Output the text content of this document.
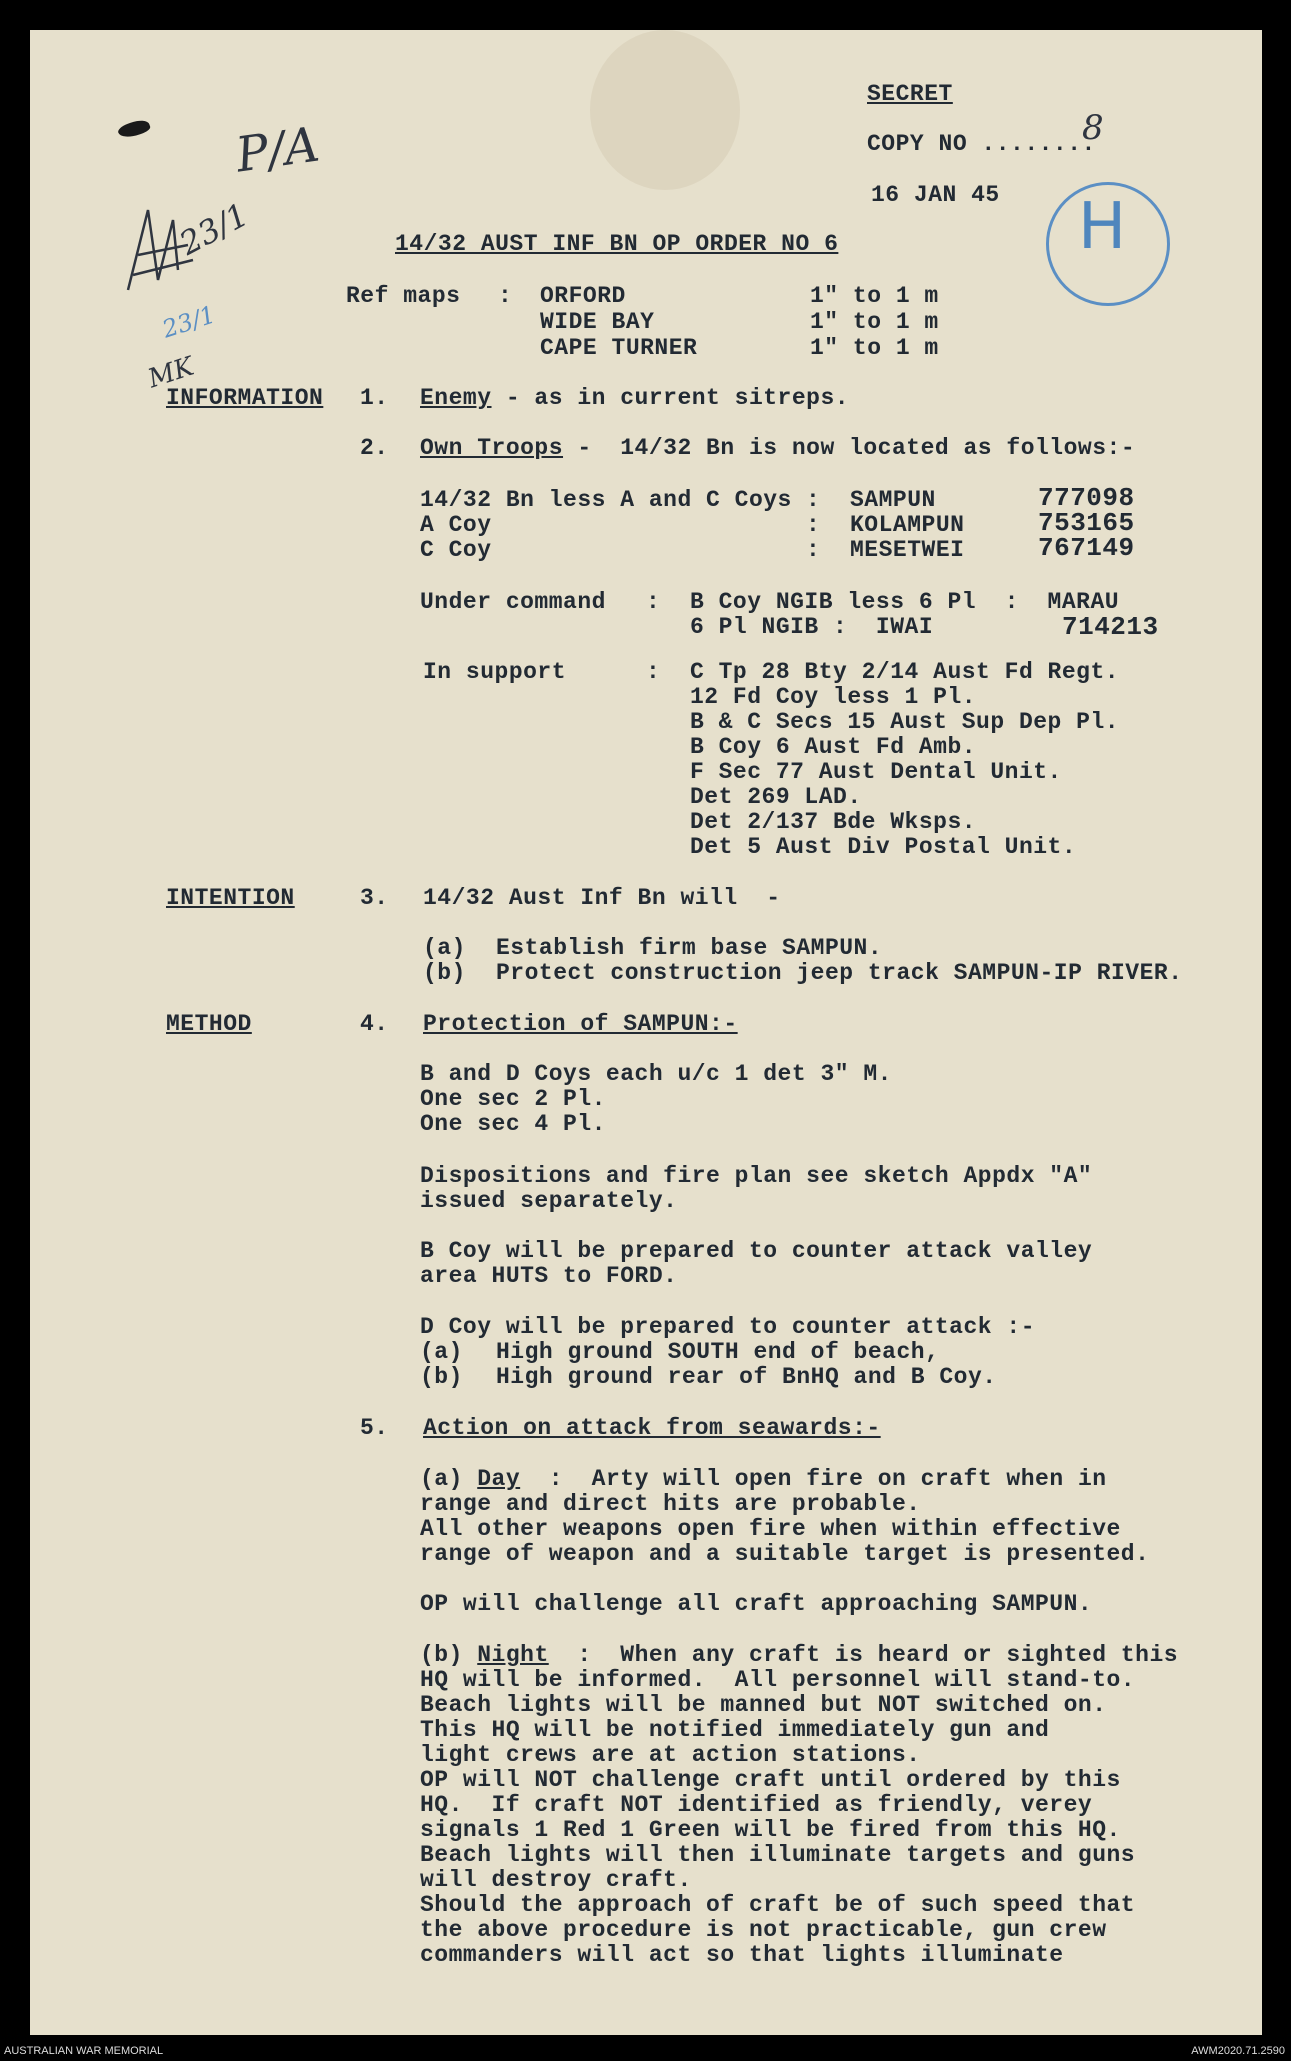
SECRET
COPY NO ........
8
16 JAN 45 H
P/A
23/1
23/1
MK
14/32 AUST INF BN OP ORDER NO 6
Ref maps : ORFORD	1" to 1 m
WIDE BAY	1" to 1 m
CAPE TURNER	1" to 1 m
INFORMATION 1. Enemy - as in current sitreps.
2. Own Troops -  14/32 Bn is now located as follows:-
14/32 Bn less A and C Coys : SAMPUN	777098
A Coy	: KOLAMPUN	753165
C Coy	: MESETWEI	767149
Under command : B Coy NGIB less 6 Pl  :  MARAU
6 Pl NGIB :  IWAI	714213
In support	: C Tp 28 Bty 2/14 Aust Fd Regt.
12 Fd Coy less 1 Pl.
B & C Secs 15 Aust Sup Dep Pl.
B Coy 6 Aust Fd Amb.
F Sec 77 Aust Dental Unit.
Det 269 LAD.
Det 2/137 Bde Wksps.
Det 5 Aust Div Postal Unit.
INTENTION	3. 14/32 Aust Inf Bn will  -
(a) Establish firm base SAMPUN.
(b) Protect construction jeep track SAMPUN-IP RIVER.
METHOD	4. Protection of SAMPUN:-
B and D Coys each u/c 1 det 3" M.
One sec 2 Pl.
One sec 4 Pl.
Dispositions and fire plan see sketch Appdx "A"
issued separately.
B Coy will be prepared to counter attack valley
area HUTS to FORD.
D Coy will be prepared to counter attack :-
(a) High ground SOUTH end of beach,
(b) High ground rear of BnHQ and B Coy.
5. Action on attack from seawards:-
(a) Day  :  Arty will open fire on craft when in
range and direct hits are probable.
All other weapons open fire when within effective
range of weapon and a suitable target is presented.
OP will challenge all craft approaching SAMPUN.
(b) Night  :  When any craft is heard or sighted this
HQ will be informed.  All personnel will stand-to.
Beach lights will be manned but NOT switched on.
This HQ will be notified immediately gun and
light crews are at action stations.
OP will NOT challenge craft until ordered by this
HQ.  If craft NOT identified as friendly, verey
signals 1 Red 1 Green will be fired from this HQ.
Beach lights will then illuminate targets and guns
will destroy craft.
Should the approach of craft be of such speed that
the above procedure is not practicable, gun crew
commanders will act so that lights illuminate
AUSTRALIAN WAR MEMORIAL	AWM2020.71.2590
